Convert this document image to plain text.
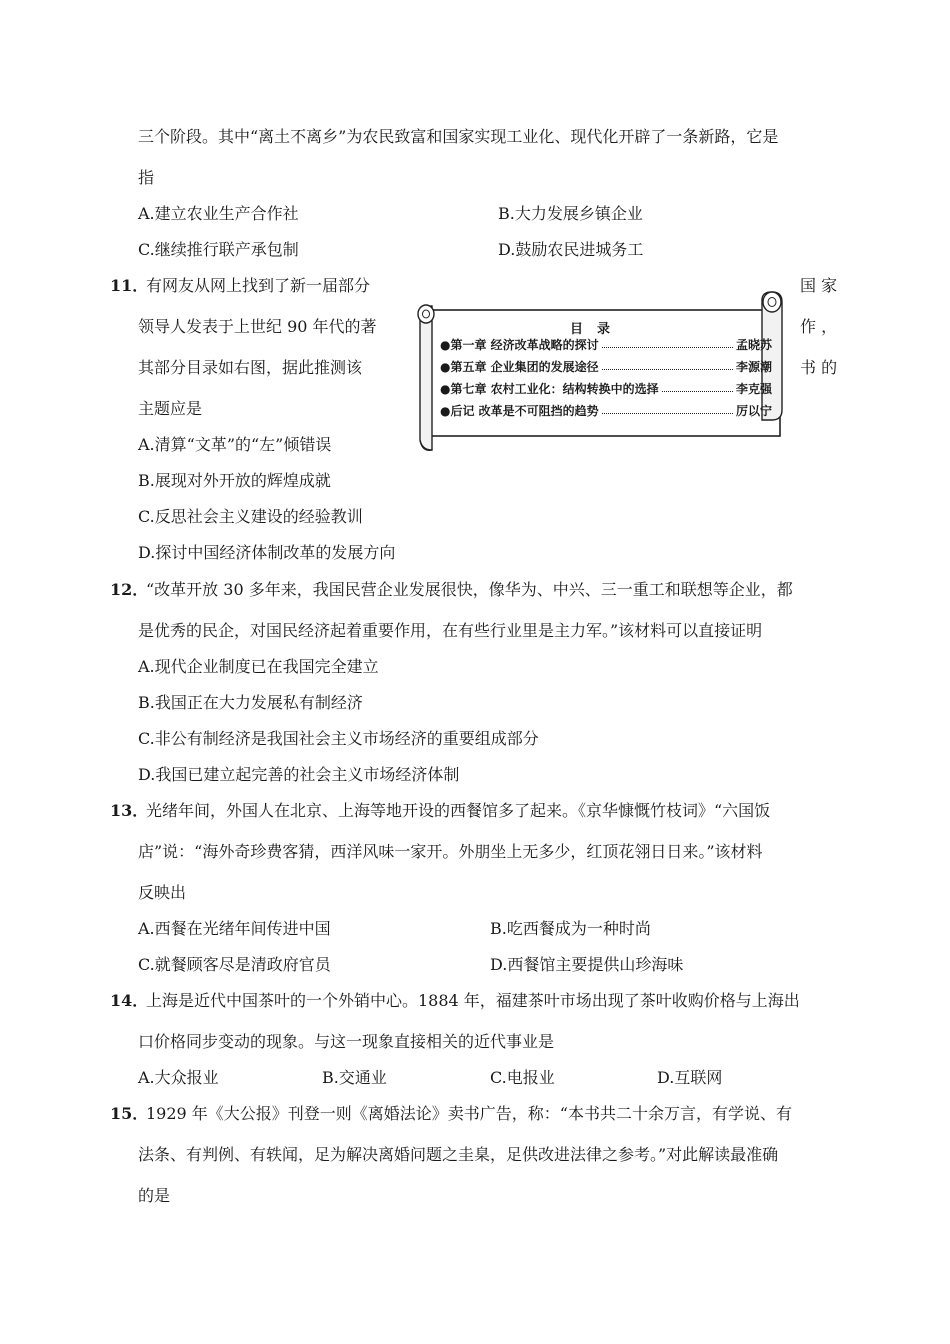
三个阶段。其中“离土不离乡”为农民致富和国家实现工业化、现代化开辟了一条新路，它是
指
A.建立农业生产合作社	B.大力发展乡镇企业
C.继续推行联产承包制	D.鼓励农民进城务工
11．
有网友从网上找到了新一届部分	国 家
领导人发表于上世纪 90 年代的著	作 ，
其部分目录如右图，据此推测该	书 的
主题应是
A.清算“文革”的“左”倾错误
B.展现对外开放的辉煌成就
C.反思社会主义建设的经验教训
D.探讨中国经济体制改革的发展方向
目录
●第一章 经济改革战略的探讨	孟晓苏
●第五章 企业集团的发展途径	李源潮
●第七章 农村工业化：结构转换中的选择	李克强
●后记 改革是不可阻挡的趋势	厉以宁
12．
“改革开放 30 多年来，我国民营企业发展很快，像华为、中兴、三一重工和联想等企业，都
是优秀的民企，对国民经济起着重要作用，在有些行业里是主力军。”该材料可以直接证明
A.现代企业制度已在我国完全建立
B.我国正在大力发展私有制经济
C.非公有制经济是我国社会主义市场经济的重要组成部分
D.我国已建立起完善的社会主义市场经济体制
13．
光绪年间，外国人在北京、上海等地开设的西餐馆多了起来。《京华慷慨竹枝词》“六国饭
店”说：“海外奇珍费客猜，西洋风味一家开。外朋坐上无多少，红顶花翎日日来。”该材料
反映出
A.西餐在光绪年间传进中国	B.吃西餐成为一种时尚
C.就餐顾客尽是清政府官员	D.西餐馆主要提供山珍海味
14．
上海是近代中国茶叶的一个外销中心。1884 年，福建茶叶市场出现了茶叶收购价格与上海出
口价格同步变动的现象。与这一现象直接相关的近代事业是
A.大众报业	B.交通业	C.电报业	D.互联网
15．
1929 年《大公报》刊登一则《离婚法论》卖书广告，称：“本书共二十余万言，有学说、有
法条、有判例、有轶闻，足为解决离婚问题之圭臬，足供改进法律之参考。”对此解读最准确
的是
